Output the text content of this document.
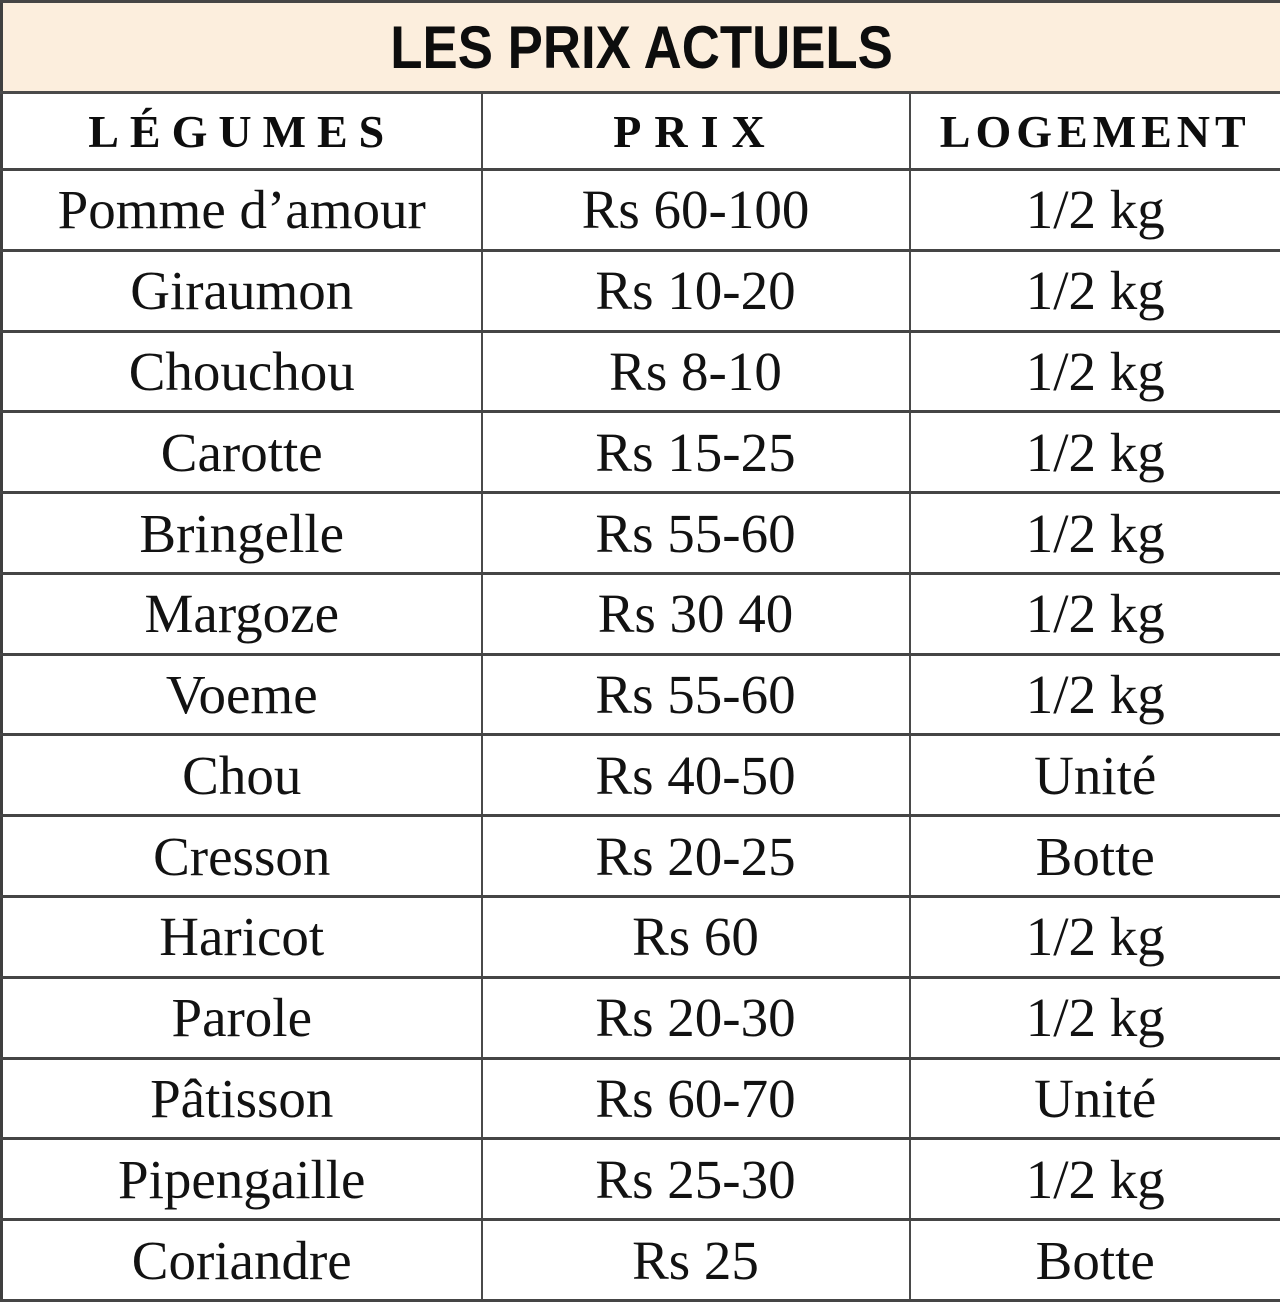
LES PRIX ACTUELS		
LÉGUMES	PRIX	LOGEMENT
Pomme d’amour	Rs 60-100	1/2 kg
Giraumon	Rs 10-20	1/2 kg
Chouchou	Rs 8-10	1/2 kg
Carotte	Rs 15-25	1/2 kg
Bringelle	Rs 55-60	1/2 kg
Margoze	Rs 30 40	1/2 kg
Voeme	Rs 55-60	1/2 kg
Chou	Rs 40-50	Unité
Cresson	Rs 20-25	Botte
Haricot	Rs 60	1/2 kg
Parole	Rs 20-30	1/2 kg
Pâtisson	Rs 60-70	Unité
Pipengaille	Rs 25-30	1/2 kg
Coriandre	Rs 25	Botte
